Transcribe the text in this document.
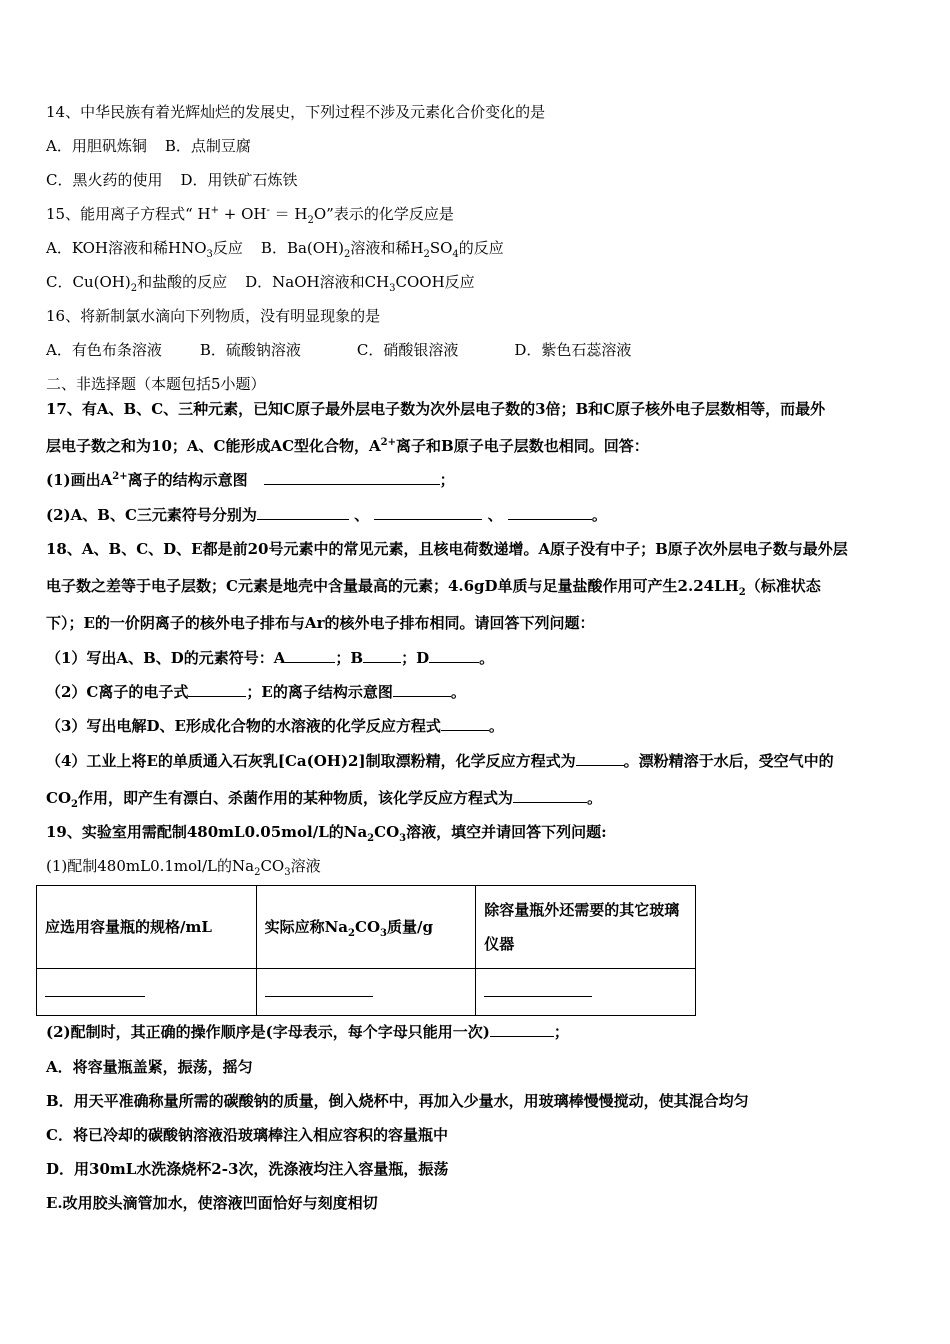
14、中华民族有着光辉灿烂的发展史，下列过程不涉及元素化合价变化的是
A．用胆矾炼铜 B．点制豆腐
C．黑火药的使用 D．用铁矿石炼铁
15、能用离子方程式“ $H^+ + OH^- = H_2O$”表示的化学反应是
A．KOH溶液和稀$HNO_3$反应 B．$Ba(OH)_2$溶液和稀$H_2SO_4$的反应
C．$Cu(OH)_2$和盐酸的反应 D．NaOH溶液和$CH_3COOH$反应
16、将新制氯水滴向下列物质，没有明显现象的是
A．有色布条溶液	B．硫酸钠溶液	C．硝酸银溶液	D．紫色石蕊溶液
二、非选择题（本题包括5小题）
17、有A、B、C、三种元素，已知C原子最外层电子数为次外层电子数的3倍；B和C原子核外电子层数相等，而最外
层电子数之和为10；A、C能形成AC型化合物，$A^{2+}$离子和B原子电子层数也相同。回答：
(1)画出$A^{2+}$离子的结构示意图	；
(2)A、B、C三元素符号分别为	、	、	。
18、A、B、C、D、E都是前20号元素中的常见元素，且核电荷数递增。A原子没有中子；B原子次外层电子数与最外层
电子数之差等于电子层数；C元素是地壳中含量最高的元素；4.6gD单质与足量盐酸作用可产生$2.24LH_2$（标准状态
下）；E的一价阴离子的核外电子排布与Ar的核外电子排布相同。请回答下列问题：
（1）写出A、B、D的元素符号：A	；B	；D	。
（2）C离子的电子式	；E的离子结构示意图	。
（3）写出电解D、E形成化合物的水溶液的化学反应方程式	。
（4）工业上将E的单质通入石灰乳[Ca(OH)2]制取漂粉精，化学反应方程式为	。漂粉精溶于水后，受空气中的
$CO_2$作用，即产生有漂白、杀菌作用的某种物质，该化学反应方程式为	。
19、实验室用需配制480mL0.05mol/L的$Na_2CO_3$溶液，填空并请回答下列问题:
(1)配制480mL0.1mol/L的$Na_2CO_3$溶液
应选用容量瓶的规格/mL	实际应称$Na_2CO_3$质量/g	除容量瓶外还需要的其它玻璃仪器

(2)配制时，其正确的操作顺序是(字母表示，每个字母只能用一次)	；
A．将容量瓶盖紧，振荡，摇匀
B．用天平准确称量所需的碳酸钠的质量，倒入烧杯中，再加入少量水，用玻璃棒慢慢搅动，使其混合均匀
C．将已冷却的碳酸钠溶液沿玻璃棒注入相应容积的容量瓶中
D．用30mL水洗涤烧杯2-3次，洗涤液均注入容量瓶，振荡
E.改用胶头滴管加水，使溶液凹面恰好与刻度相切
